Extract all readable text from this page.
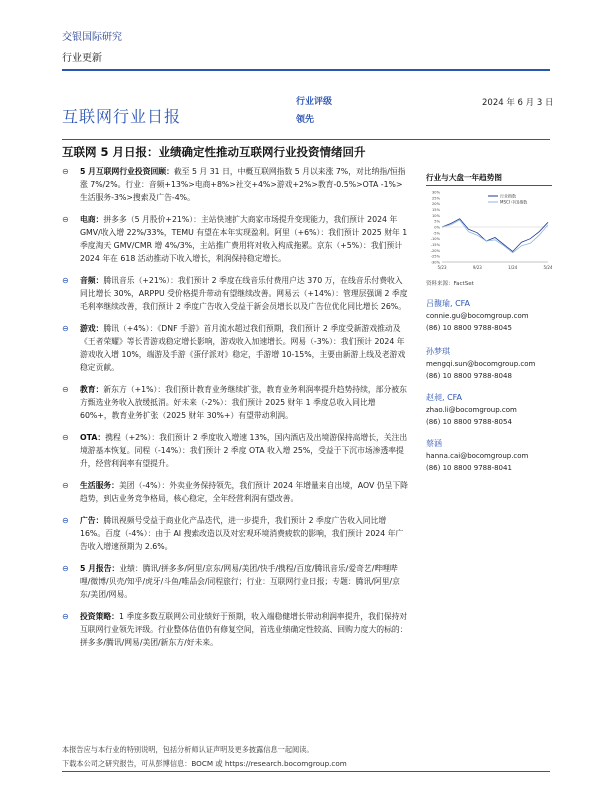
交银国际研究
行业更新
互联网行业日报
行业评级
领先
2024 年 6 月 3 日
互联网 5 月日报：业绩确定性推动互联网行业投资情绪回升
⊖ 5 月互联网行业投资回顾：截至 5 月 31 日，中概互联网指数 5 月以来涨 7%，对比纳指/恒指涨 7%/2%。行业：音频+13%>电商+8%>社交+4%>游戏+2%>教育-0.5%>OTA -1%>生活服务-3%>搜索及广告-4%。
⊖ 电商：拼多多（5 月股价+21%）：主站快速扩大商家市场提升变现能力，我们预计 2024 年 GMV/收入增 22%/33%，TEMU 有望在本年实现盈利。阿里（+6%）：我们预计 2025 财年 1 季度淘天 GMV/CMR 增 4%/3%，主站推广费用将对收入构成拖累。京东（+5%）：我们预计 2024 年在 618 活动推动下收入增长，利润保持稳定增长。
⊖ 音频：腾讯音乐（+21%）：我们预计 2 季度在线音乐付费用户达 370 万，在线音乐付费收入同比增长 30%，ARPPU 受价格提升带动有望继续改善。网易云（+14%）：管理层强调 2 季度毛利率继续改善，我们预计 2 季度广告收入受益于新会员增长以及广告位优化同比增长 26%。
⊖ 游戏：腾讯（+4%）：《DNF 手游》首月流水超过我们预期，我们预计 2 季度受新游戏推动及《王者荣耀》等长青游戏稳定增长影响，游戏收入加速增长。网易（-3%）：我们预计 2024 年游戏收入增 10%，端游及手游《蛋仔派对》稳定，手游增 10-15%，主要由新游上线及老游戏稳定贡献。
⊖ 教育：新东方（+1%）：我们预计教育业务继续扩张，教育业务利润率提升趋势持续，部分被东方甄选业务收入放缓抵消。好未来（-2%）：我们预计 2025 财年 1 季度总收入同比增 60%+，教育业务扩张（2025 财年 30%+）有望带动利润。
⊖ OTA：携程（+2%）：我们预计 2 季度收入增速 13%，国内酒店及出境游保持高增长，关注出境游基本恢复。同程（-14%）：我们预计 2 季度 OTA 收入增 25%，受益于下沉市场渗透率提升，经营利润率有望提升。
⊖ 生活服务：美团（-4%）：外卖业务保持领先，我们预计 2024 年增量来自出境，AOV 仍呈下降趋势，到店业务竞争格局，核心稳定，全年经营利润有望改善。
⊖ 广告：腾讯视频号受益于商业化产品迭代，进一步提升，我们预计 2 季度广告收入同比增 16%。百度（-4%）：由于 AI 搜索改造以及对宏观环境消费疲软的影响，我们预计 2024 年广告收入增速预期为 2.6%。
⊖ 5 月报告：业绩：腾讯/拼多多/阿里/京东/网易/美团/快手/携程/百度/腾讯音乐/爱奇艺/哔哩哔哩/微博/贝壳/知乎/虎牙/斗鱼/唯品会/同程旅行；行业：互联网行业日报；专题：腾讯/阿里/京东/美团/网易。
⊖ 投资策略：1 季度多数互联网公司业绩好于预期，收入端稳健增长带动利润率提升，我们保持对互联网行业领先评级。行业整体估值仍有修复空间，首选业绩确定性较高、回购力度大的标的：拼多多/腾讯/网易/美团/新东方/好未来。
行业与大盘一年趋势图
30%
25%
20%
15%
10%
5%
0%
-5%
-10%
-15%
-20%
-25%
-30%
5/23	9/23	1/24	5/24
行业指数
MSCI 中国指数
资料来源：FactSet
吕馥瑜, CFA
connie.gu@bocomgroup.com
(86) 10 8800 9788-8045
孙梦琪
mengqi.sun@bocomgroup.com
(86) 10 8800 9788-8048
赵昶, CFA
zhao.li@bocomgroup.com
(86) 10 8800 9788-8054
蔡涵
hanna.cai@bocomgroup.com
(86) 10 8800 9788-8041
本报告应与本行业的特别说明，包括分析师认证声明及更多披露信息一起阅读。
下载本公司之研究报告，可从彭博信息：BOCM 或 https://research.bocomgroup.com
